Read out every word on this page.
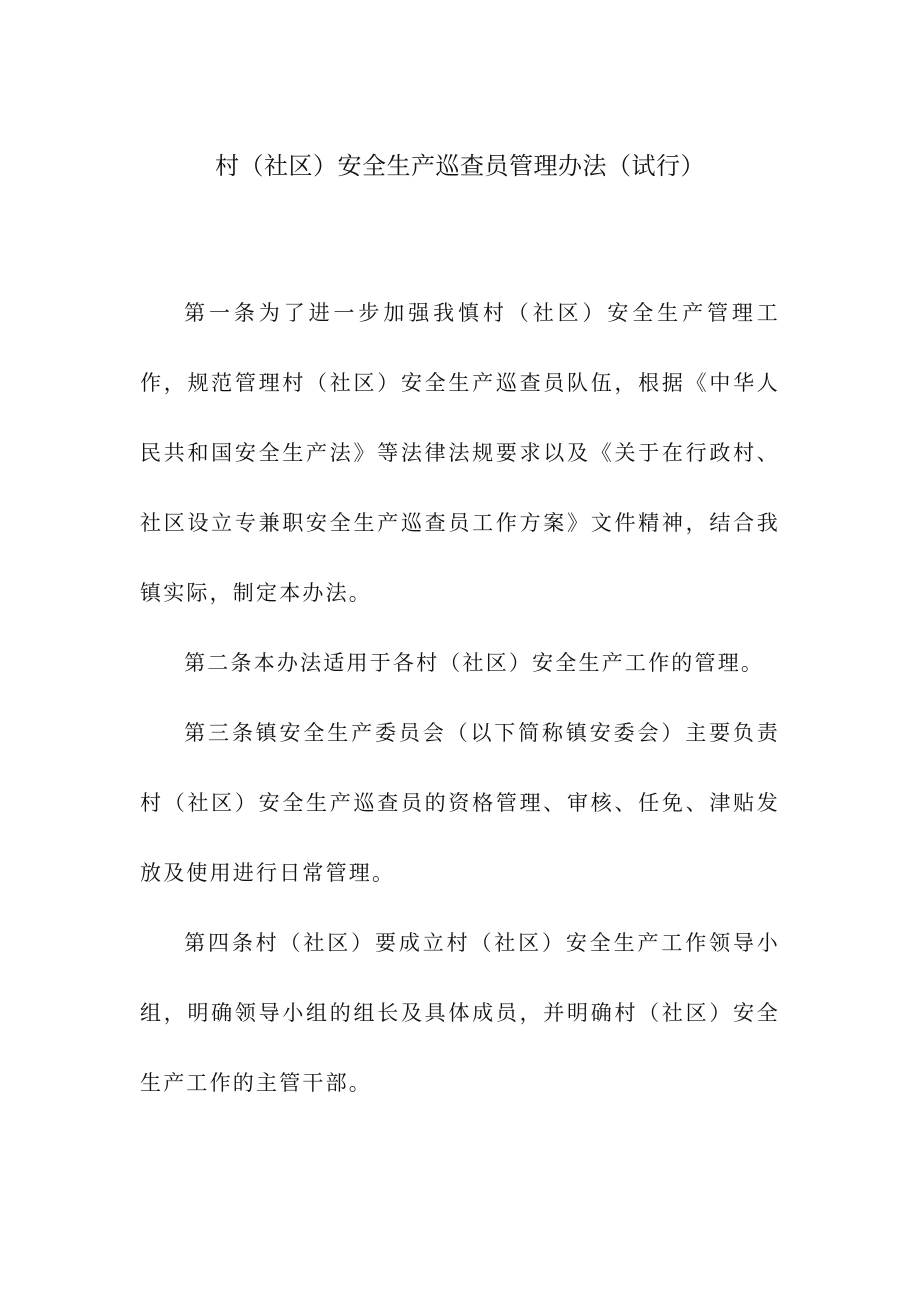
村（社区）安全生产巡查员管理办法（试行）

第一条为了进一步加强我慎村（社区）安全生产管理工作，规范管理村（社区）安全生产巡查员队伍，根据《中华人民共和国安全生产法》等法律法规要求以及《关于在行政村、社区设立专兼职安全生产巡查员工作方案》文件精神，结合我镇实际，制定本办法。

第二条本办法适用于各村（社区）安全生产工作的管理。

第三条镇安全生产委员会（以下简称镇安委会）主要负责村（社区）安全生产巡查员的资格管理、审核、任免、津贴发放及使用进行日常管理。

第四条村（社区）要成立村（社区）安全生产工作领导小组，明确领导小组的组长及具体成员，并明确村（社区）安全生产工作的主管干部。
